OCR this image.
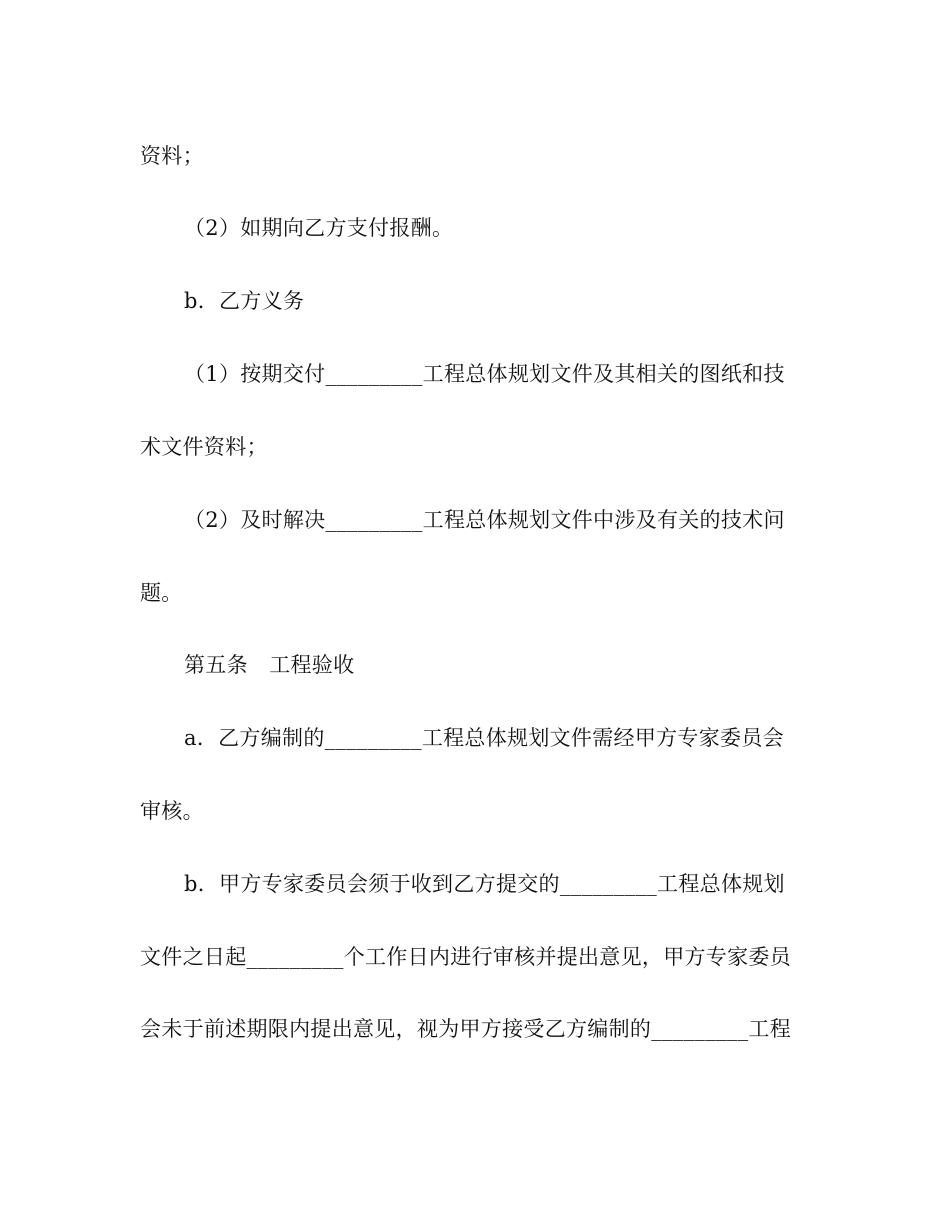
资料；
（2）如期向乙方支付报酬。
b．乙方义务
（1）按期交付_________工程总体规划文件及其相关的图纸和技
术文件资料；
（2）及时解决_________工程总体规划文件中涉及有关的技术问
题。
第五条　工程验收
a．乙方编制的_________工程总体规划文件需经甲方专家委员会
审核。
b．甲方专家委员会须于收到乙方提交的_________工程总体规划
文件之日起_________个工作日内进行审核并提出意见，甲方专家委员
会未于前述期限内提出意见，视为甲方接受乙方编制的_________工程
